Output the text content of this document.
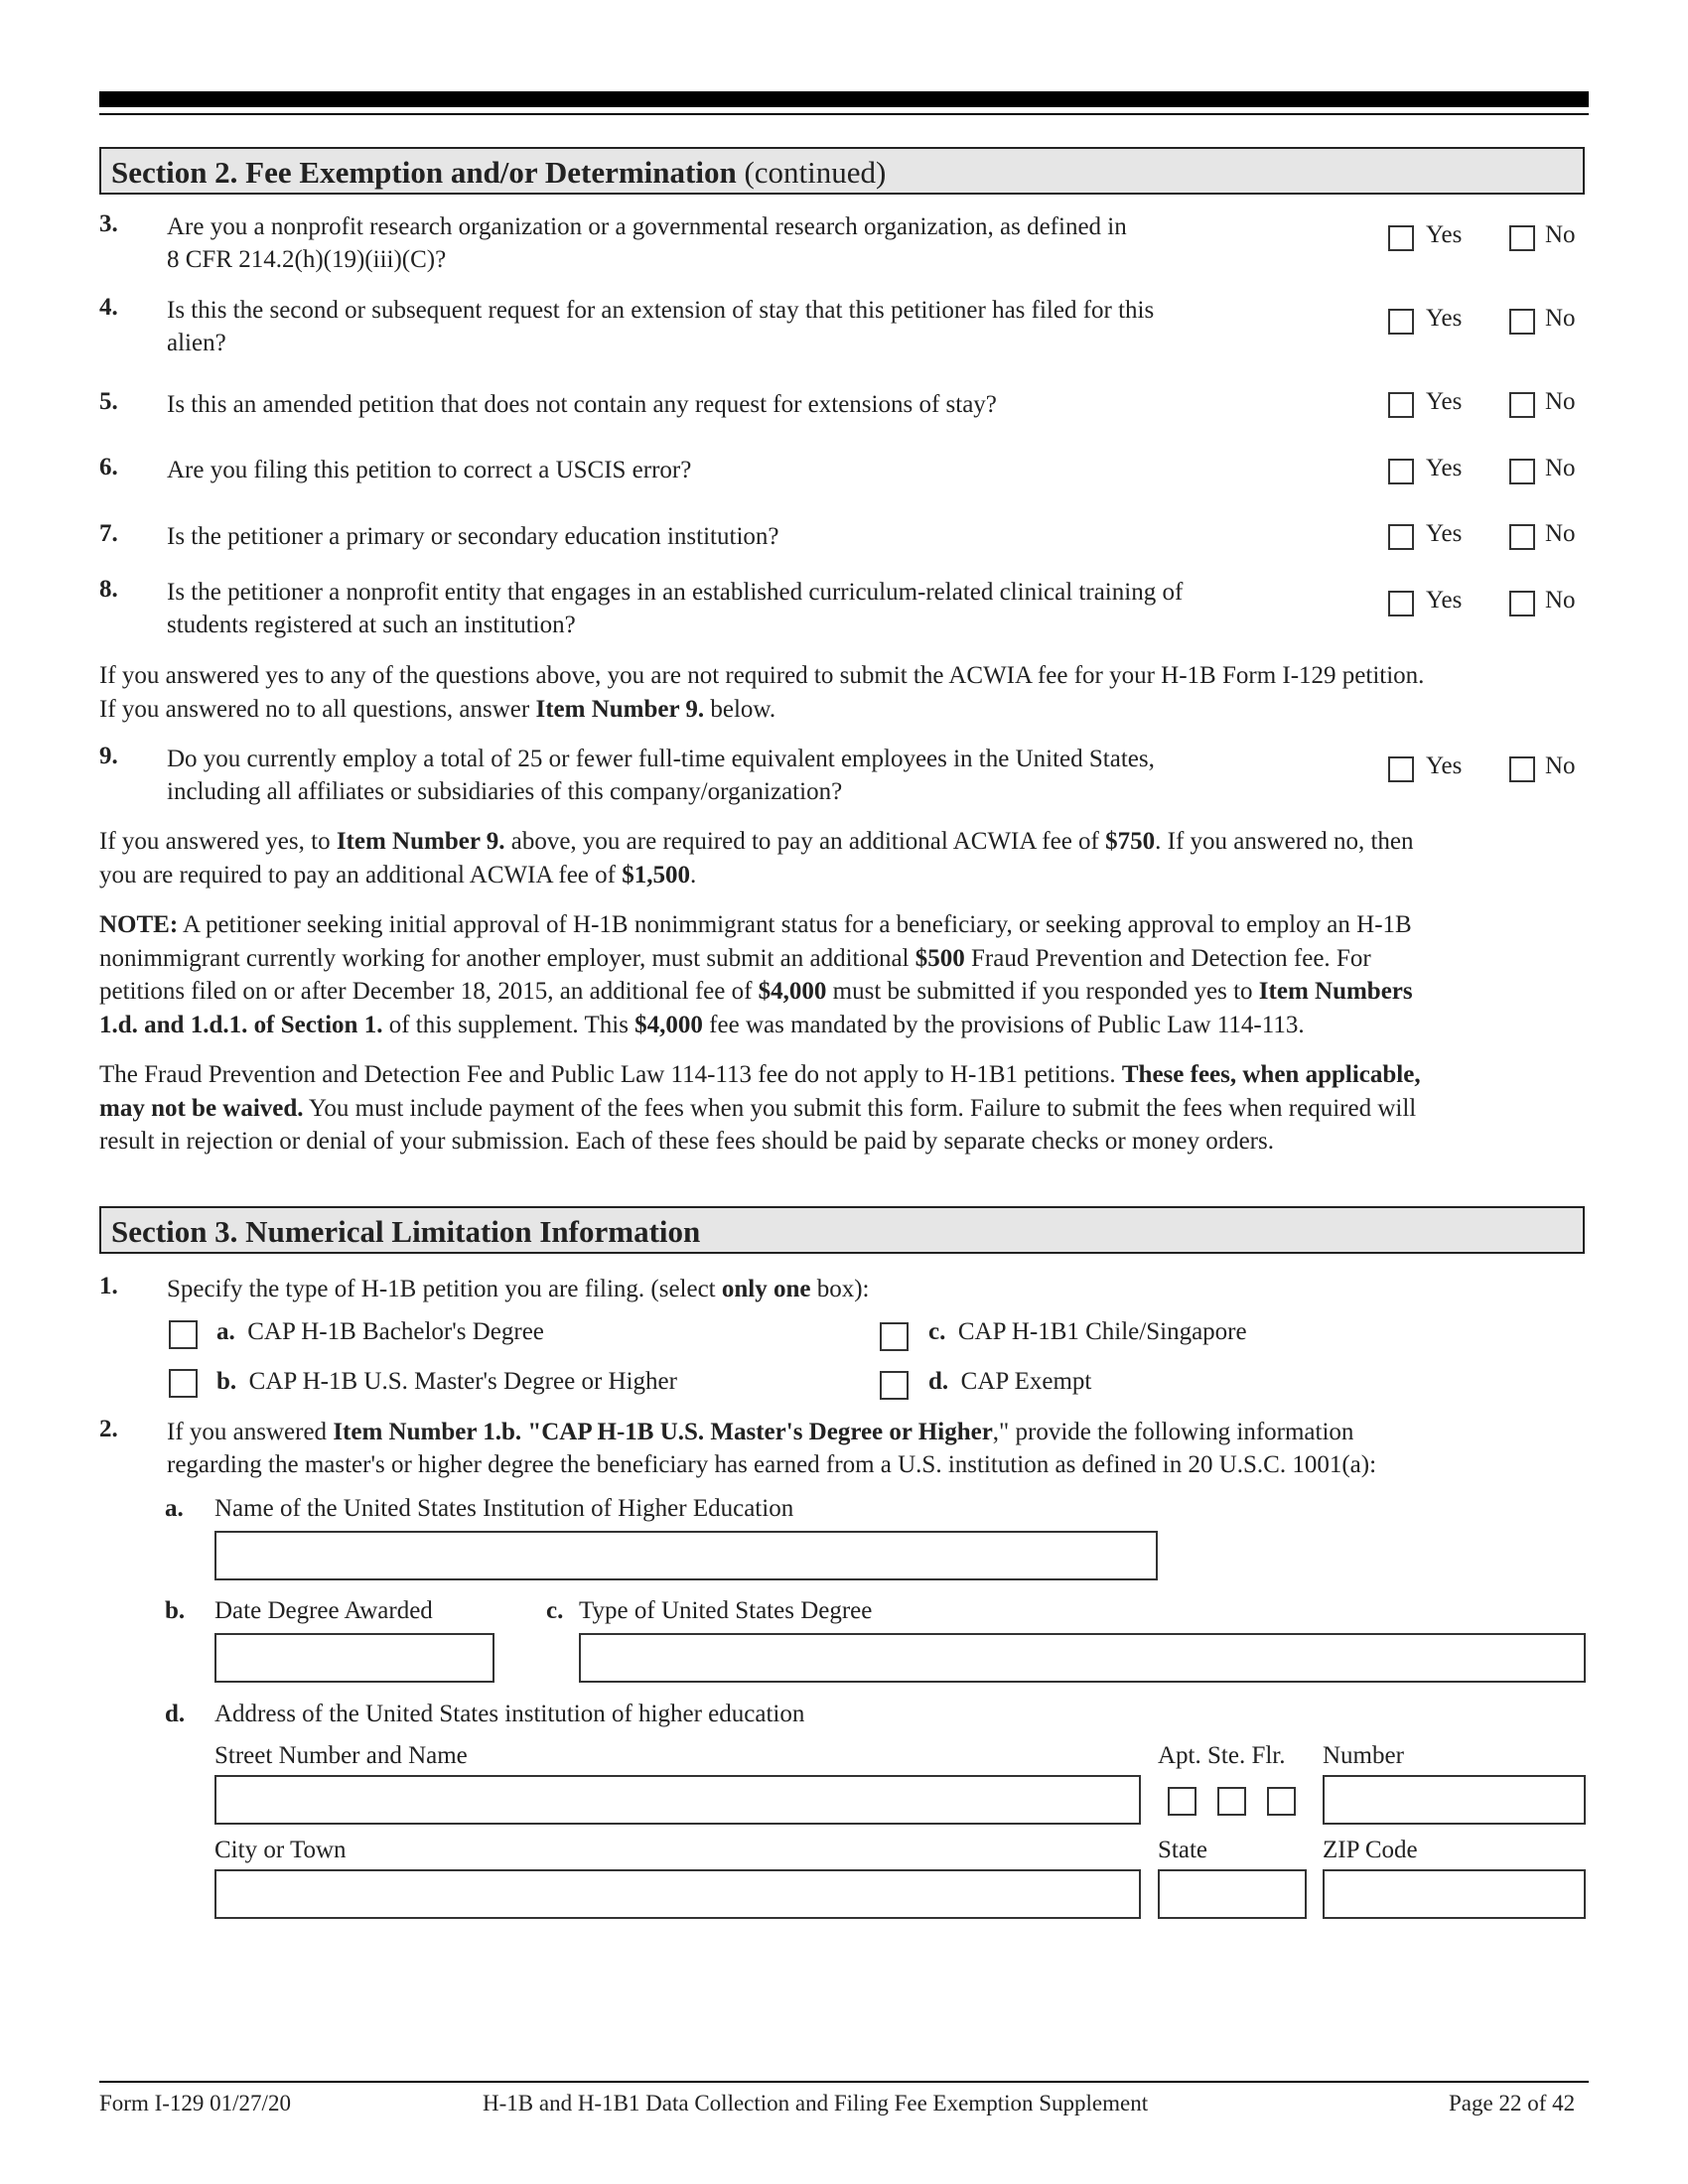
Section 2. Fee Exemption and/or Determination (continued)
3. Are you a nonprofit research organization or a governmental research organization, as defined in
8 CFR 214.2(h)(19)(iii)(C)?
Yes	No
4. Is this the second or subsequent request for an extension of stay that this petitioner has filed for this
alien?
Yes	No
5. Is this an amended petition that does not contain any request for extensions of stay?	Yes	No
6. Are you filing this petition to correct a USCIS error?	Yes	No
7. Is the petitioner a primary or secondary education institution?	Yes	No
8. Is the petitioner a nonprofit entity that engages in an established curriculum-related clinical training of
students registered at such an institution?
Yes	No
If you answered yes to any of the questions above, you are not required to submit the ACWIA fee for your H-1B Form I-129 petition.
If you answered no to all questions, answer Item Number 9. below.
9. Do you currently employ a total of 25 or fewer full-time equivalent employees in the United States,
including all affiliates or subsidiaries of this company/organization?
Yes	No
If you answered yes, to Item Number 9. above, you are required to pay an additional ACWIA fee of $750. If you answered no, then
you are required to pay an additional ACWIA fee of $1,500.
NOTE: A petitioner seeking initial approval of H-1B nonimmigrant status for a beneficiary, or seeking approval to employ an H-1B
nonimmigrant currently working for another employer, must submit an additional $500 Fraud Prevention and Detection fee. For
petitions filed on or after December 18, 2015, an additional fee of $4,000 must be submitted if you responded yes to Item Numbers
1.d. and 1.d.1. of Section 1. of this supplement. This $4,000 fee was mandated by the provisions of Public Law 114-113.
The Fraud Prevention and Detection Fee and Public Law 114-113 fee do not apply to H-1B1 petitions. These fees, when applicable,
may not be waived. You must include payment of the fees when you submit this form. Failure to submit the fees when required will
result in rejection or denial of your submission. Each of these fees should be paid by separate checks or money orders.
Section 3. Numerical Limitation Information
1. Specify the type of H-1B petition you are filing. (select only one box):
a. CAP H-1B Bachelor's Degree
b. CAP H-1B U.S. Master's Degree or Higher
c. CAP H-1B1 Chile/Singapore
d. CAP Exempt
2. If you answered Item Number 1.b. "CAP H-1B U.S. Master's Degree or Higher," provide the following information
regarding the master's or higher degree the beneficiary has earned from a U.S. institution as defined in 20 U.S.C. 1001(a):
a. Name of the United States Institution of Higher Education
b. Date Degree Awarded	c. Type of United States Degree
d. Address of the United States institution of higher education
Street Number and Name	Apt. Ste. Flr. Number
City or Town	State	ZIP Code
Form I-129 01/27/20	H-1B and H-1B1 Data Collection and Filing Fee Exemption Supplement	Page 22 of 42
